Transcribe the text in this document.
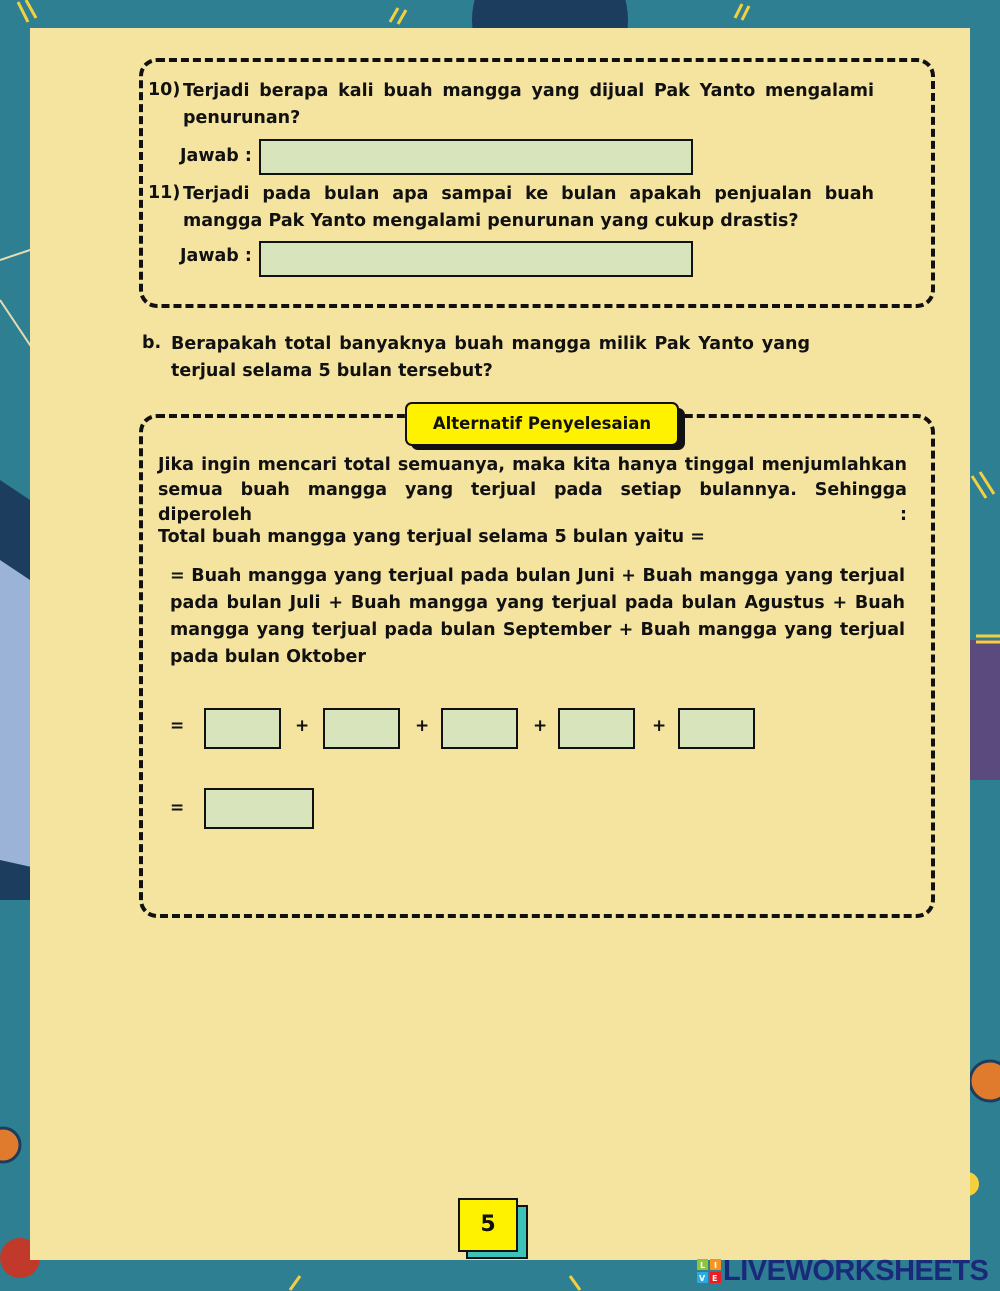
10) Terjadi berapa kali buah mangga yang dijual Pak Yanto mengalami
penurunan?
Jawab :
11) Terjadi pada bulan apa sampai ke bulan apakah penjualan buah
mangga Pak Yanto mengalami penurunan yang cukup drastis?
Jawab :
b. Berapakah total banyaknya buah mangga milik Pak Yanto yang
terjual selama 5 bulan tersebut?
Alternatif Penyelesaian
Jika ingin mencari total semuanya, maka kita hanya tinggal menjumlahkan
semua buah mangga yang terjual pada setiap bulannya. Sehingga diperoleh :
Total buah mangga yang terjual selama 5 bulan yaitu =
= Buah mangga yang terjual pada bulan Juni + Buah mangga yang terjual
pada bulan Juli + Buah mangga yang terjual pada bulan Agustus + Buah
mangga yang terjual pada bulan September + Buah mangga yang terjual
pada bulan Oktober
=	+	+	+	+
=
5
L I
V E LIVEWORKSHEETS
